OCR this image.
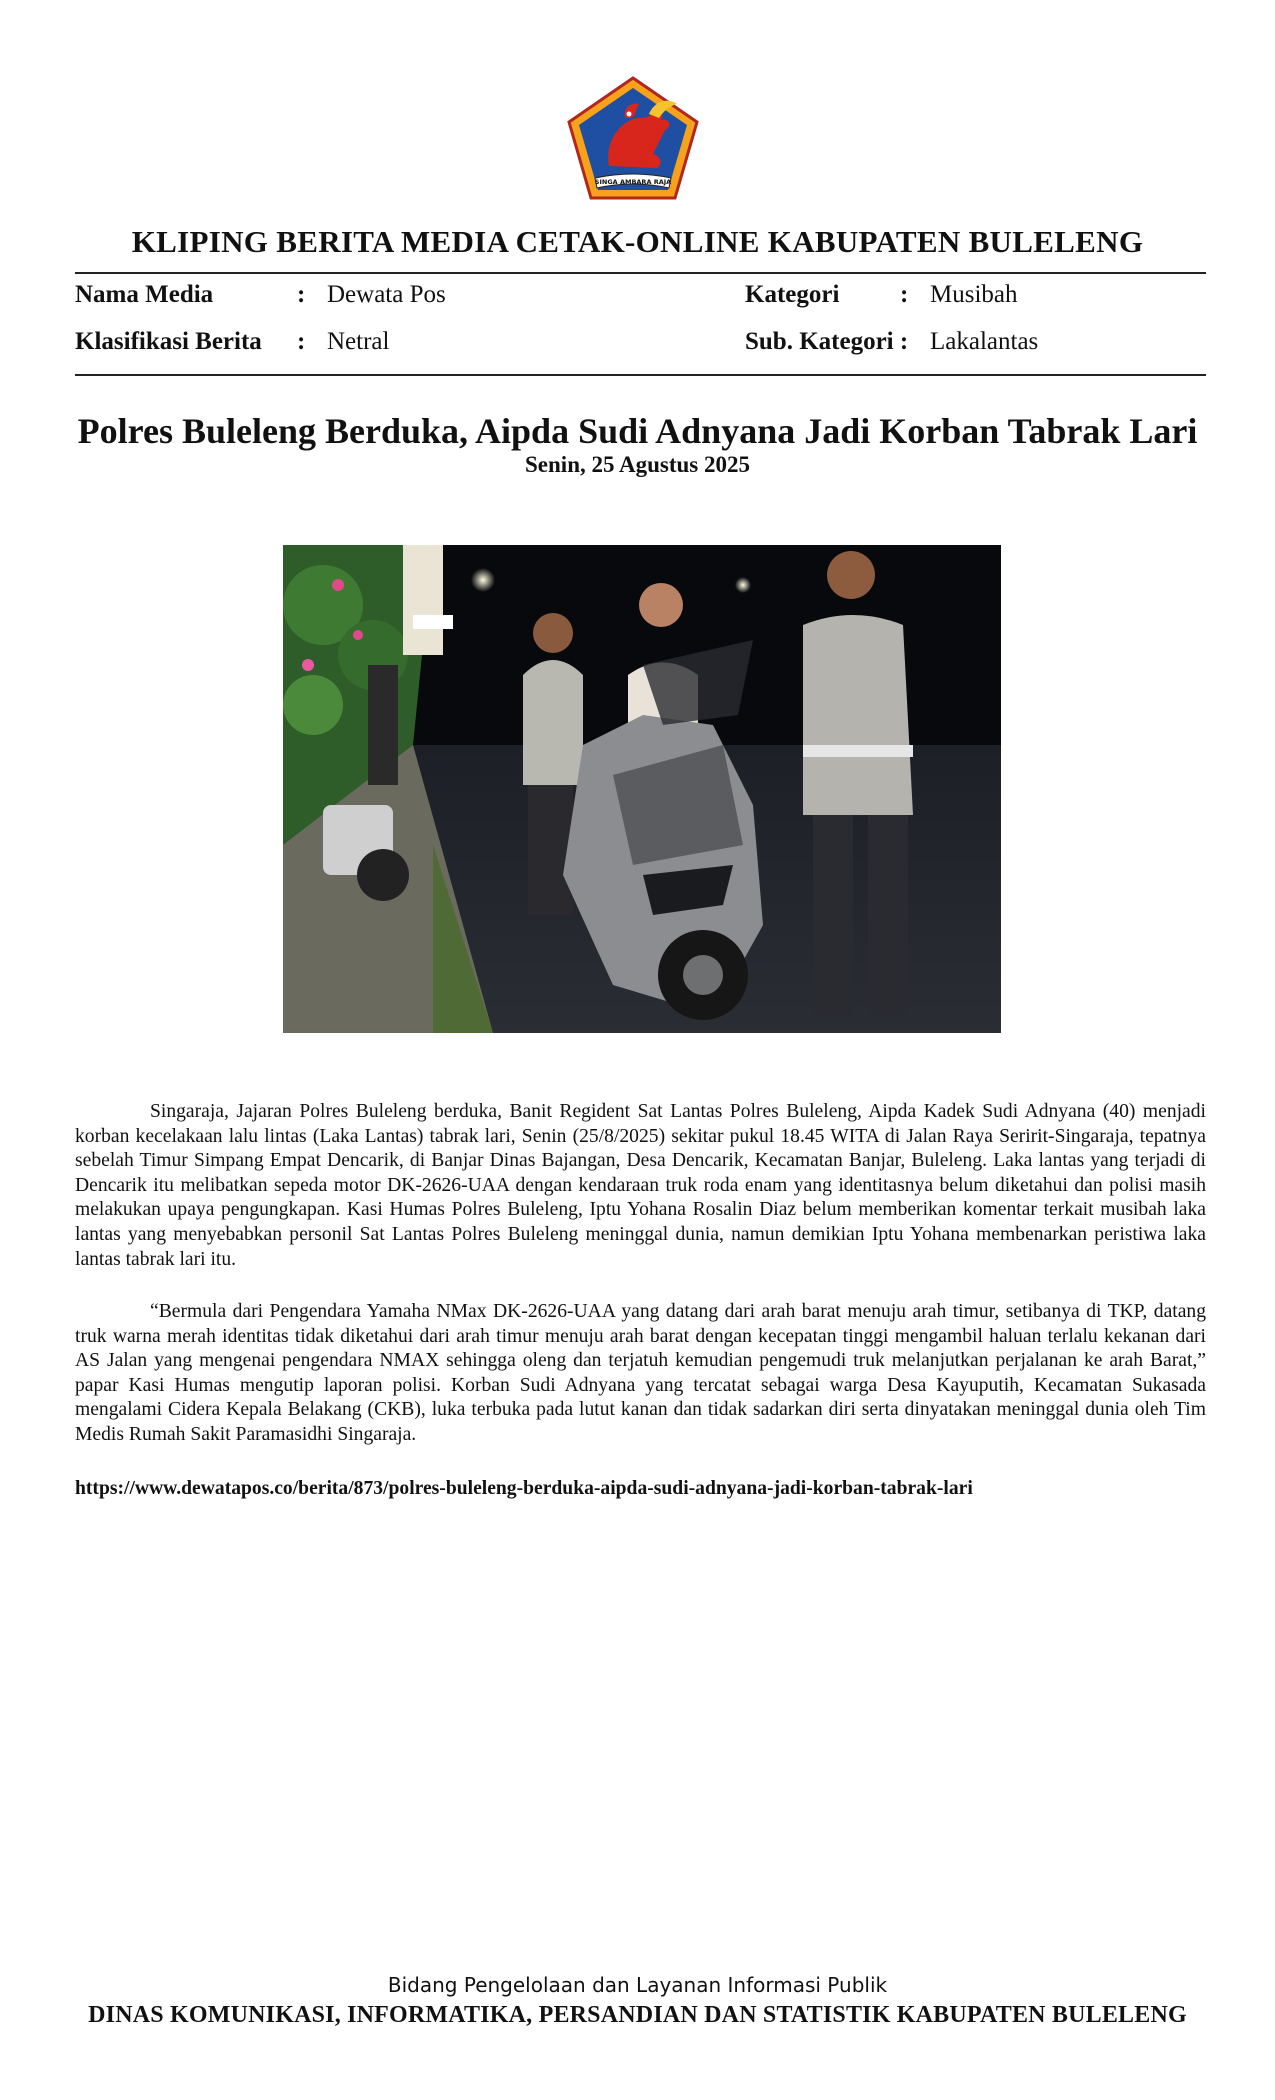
SINGA AMBARA RAJA
KLIPING BERITA MEDIA CETAK-ONLINE KABUPATEN BULELENG
Nama Media	: Dewata Pos
Klasifikasi Berita : Netral
Kategori : Musibah
Sub. Kategori : Lakalantas
Polres Buleleng Berduka, Aipda Sudi Adnyana Jadi Korban Tabrak Lari
Senin, 25 Agustus 2025
Singaraja, Jajaran Polres Buleleng berduka, Banit Regident Sat Lantas Polres Buleleng, Aipda Kadek Sudi Adnyana (40) menjadi korban kecelakaan lalu lintas (Laka Lantas) tabrak lari, Senin (25/8/2025) sekitar pukul 18.45 WITA di Jalan Raya Seririt-Singaraja, tepatnya sebelah Timur Simpang Empat Dencarik, di Banjar Dinas Bajangan, Desa Dencarik, Kecamatan Banjar, Buleleng. Laka lantas yang terjadi di Dencarik itu melibatkan sepeda motor DK-2626-UAA dengan kendaraan truk roda enam yang identitasnya belum diketahui dan polisi masih melakukan upaya pengungkapan. Kasi Humas Polres Buleleng, Iptu Yohana Rosalin Diaz belum memberikan komentar terkait musibah laka lantas yang menyebabkan personil Sat Lantas Polres Buleleng meninggal dunia, namun demikian Iptu Yohana membenarkan peristiwa laka lantas tabrak lari itu.
“Bermula dari Pengendara Yamaha NMax DK-2626-UAA yang datang dari arah barat menuju arah timur, setibanya di TKP, datang truk warna merah identitas tidak diketahui dari arah timur menuju arah barat dengan kecepatan tinggi mengambil haluan terlalu kekanan dari AS Jalan yang mengenai pengendara NMAX sehingga oleng dan terjatuh kemudian pengemudi truk melanjutkan perjalanan ke arah Barat,” papar Kasi Humas mengutip laporan polisi. Korban Sudi Adnyana yang tercatat sebagai warga Desa Kayuputih, Kecamatan Sukasada mengalami Cidera Kepala Belakang (CKB), luka terbuka pada lutut kanan dan tidak sadarkan diri serta dinyatakan meninggal dunia oleh Tim Medis Rumah Sakit Paramasidhi Singaraja.
https://www.dewatapos.co/berita/873/polres-buleleng-berduka-aipda-sudi-adnyana-jadi-korban-tabrak-lari
Bidang Pengelolaan dan Layanan Informasi Publik
DINAS KOMUNIKASI, INFORMATIKA, PERSANDIAN DAN STATISTIK KABUPATEN BULELENG
